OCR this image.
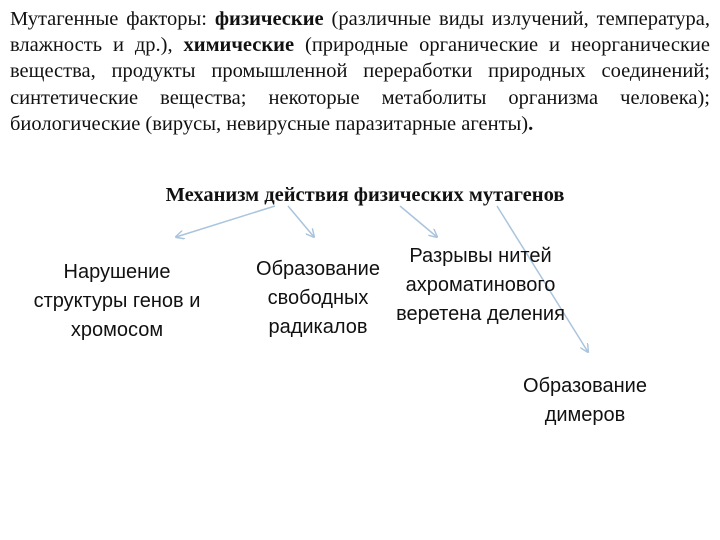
Мутагенные факторы: физические (различные виды излучений, температура, влажность и др.), химические (природные органические и неорганические вещества, продукты промышленной переработки природных соединений; синтетические вещества; некоторые метаболиты организма человека); биологические (вирусы, невирусные паразитарные агенты).

Механизм действия физических мутагенов
Нарушение структуры генов и хромосом
Образование свободных радикалов
Разрывы нитей ахроматинового веретена деления
Образование димеров
